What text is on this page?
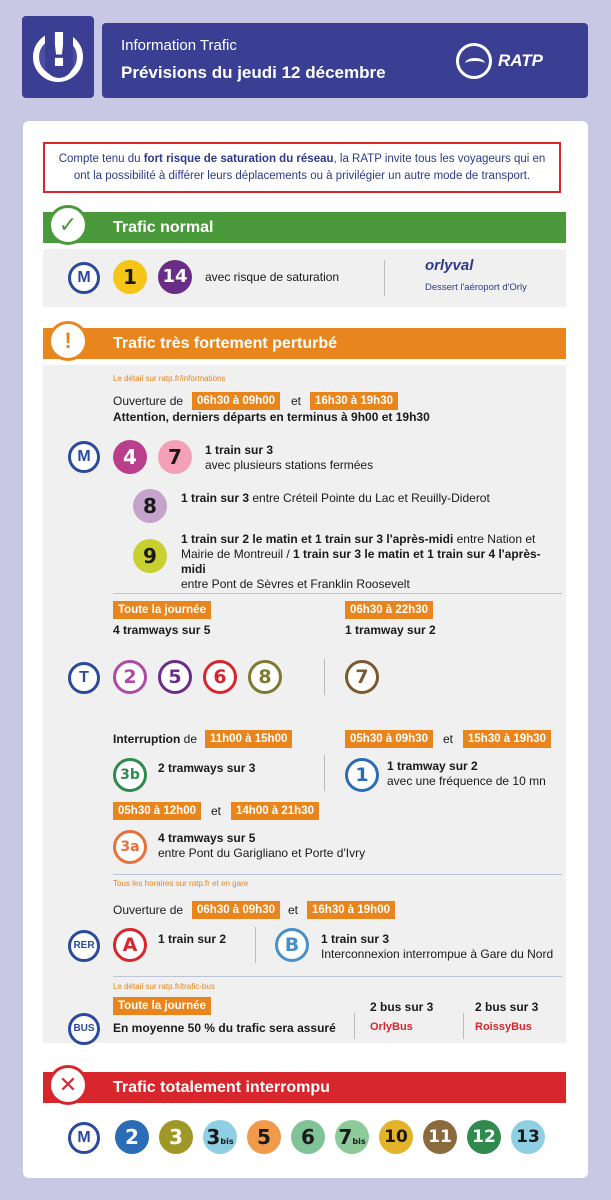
!	Information Trafic
Prévisions du jeudi 12 décembre
RATP
Compte tenu du fort risque de saturation du réseau, la RATP invite tous les voyageurs qui en ont la possibilité à différer leurs déplacements ou à privilégier un autre mode de transport.
✓	Trafic normal
M	1	14	avec risque de saturation
orlyval
Dessert l'aéroport d'Orly
!	Trafic très fortement perturbé
Le détail sur ratp.fr/informations
Ouverture de	06h30 à 09h00	et	16h30 à 19h30
Attention, derniers départs en terminus à 9h00 et 19h30
M	4	7	1 train sur 3
avec plusieurs stations fermées
8	1 train sur 3 entre Créteil Pointe du Lac et Reuilly-Diderot
9
1 train sur 2 le matin et 1 train sur 3 l'après-midi entre Nation et
Mairie de Montreuil / 1 train sur 3 le matin et 1 train sur 4 l'après-midi
entre Pont de Sèvres et Franklin Roosevelt
Toute la journée
4 tramways sur 5
06h30 à 22h30
1 tramway sur 2
T	2	5	6	8	7
Interruption de	11h00 à 15h00
3b	2 tramways sur 3
05h30 à 09h30	et	15h30 à 19h30
1	1 tramway sur 2
avec une fréquence de 10 mn
05h30 à 12h00	et	14h00 à 21h30
3a
4 tramways sur 5
entre Pont du Garigliano et Porte d'Ivry
Tous les horaires sur ratp.fr et en gare
Ouverture de	06h30 à 09h30	et	16h30 à 19h00
RER	A	1 train sur 2	B	1 train sur 3
Interconnexion interrompue à Gare du Nord
Le détail sur ratp.fr/trafic-bus
Toute la journée
BUS	En moyenne 50 % du trafic sera assuré
2 bus sur 3
OrlyBus
2 bus sur 3
RoissyBus
✕	Trafic totalement interrompu
M	2	3	3bis	5	6	7bis	10	11	12	13
